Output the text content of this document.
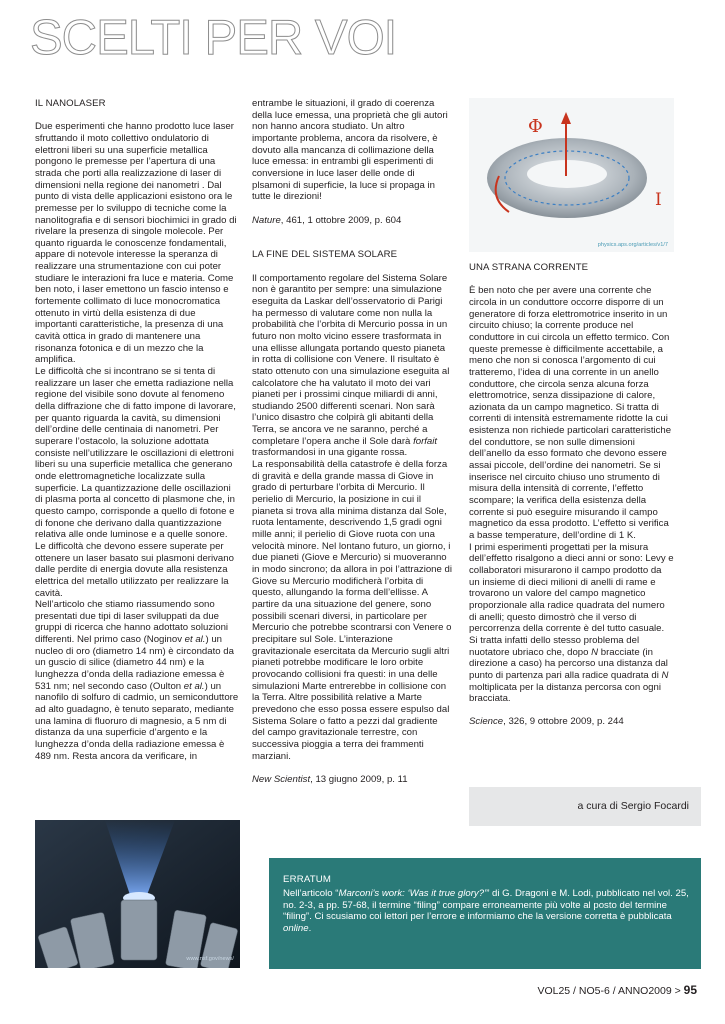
SCELTI PER VOI

IL NANOLASER

Due esperimenti che hanno prodotto luce laser sfruttando il moto collettivo ondulatorio di elettroni liberi su una superficie metallica pongono le premesse per l’apertura di una strada che porti alla realizzazione di laser di dimensioni nella regione dei nanometri . Dal punto di vista delle applicazioni esistono ora le premesse per lo sviluppo di tecniche come la nanolitografia e di sensori biochimici in grado di rivelare la presenza di singole molecole. Per quanto riguarda le conoscenze fondamentali, appare di notevole interesse la speranza di realizzare una strumentazione con cui poter studiare le interazioni fra luce e materia. Come ben noto, i laser emettono un fascio intenso e fortemente collimato di luce monocromatica ottenuto in virtù della esistenza di due importanti caratteristiche, la presenza di una cavità ottica in grado di mantenere una risonanza fotonica e di un mezzo che la amplifica.

Le difficoltà che si incontrano se si tenta di realizzare un laser che emetta radiazione nella regione del visibile sono dovute al fenomeno della diffrazione che di fatto impone di lavorare, per quanto riguarda la cavità, su dimensioni dell’ordine delle centinaia di nanometri. Per superare l’ostacolo, la soluzione adottata consiste nell’utilizzare le oscillazioni di elettroni liberi su una superficie metallica che generano onde elettromagnetiche localizzate sulla superficie. La quantizzazione delle oscillazioni di plasma porta al concetto di plasmone che, in questo campo, corrisponde a quello di fotone e di fonone che derivano dalla quantizzazione relativa alle onde luminose e a quelle sonore. Le difficoltà che devono essere superate per ottenere un laser basato sui plasmoni derivano dalle perdite di energia dovute alla resistenza elettrica del metallo utilizzato per realizzare la cavità.

Nell’articolo che stiamo riassumendo sono presentati due tipi di laser sviluppati da due gruppi di ricerca che hanno adottato soluzioni differenti. Nel primo caso (Noginov et al.) un nucleo di oro (diametro 14 nm) è circondato da un guscio di silice (diametro 44 nm) e la lunghezza d’onda della radiazione emessa è 531 nm; nel secondo caso (Oulton et al.) un nanofilo di solfuro di cadmio, un semiconduttore ad alto guadagno, è tenuto separato, mediante una lamina di fluoruro di magnesio, a 5 nm di distanza da una superficie d’argento e la lunghezza d’onda della radiazione emessa è 489 nm. Resta ancora da verificare, in

entrambe le situazioni, il grado di coerenza della luce emessa, una proprietà che gli autori non hanno ancora studiato. Un altro importante problema, ancora da risolvere, è dovuto alla mancanza di collimazione della luce emessa: in entrambi gli esperimenti di conversione in luce laser delle onde di plsamoni di superficie, la luce si propaga in tutte le direzioni!

Nature, 461, 1 ottobre 2009, p. 604

LA FINE DEL SISTEMA SOLARE

Il comportamento regolare del Sistema Solare non è garantito per sempre: una simulazione eseguita da Laskar dell’osservatorio di Parigi ha permesso di valutare come non nulla la probabilità che l’orbita di Mercurio possa in un futuro non molto vicino essere trasformata in una ellisse allungata portando questo pianeta in rotta di collisione con Venere. Il risultato è stato ottenuto con una simulazione eseguita al calcolatore che ha valutato il moto dei vari pianeti per i prossimi cinque miliardi di anni, studiando 2500 differenti scenari. Non sarà l’unico disastro che colpirà gli abitanti della Terra, se ancora ve ne saranno, perché a completare l’opera anche il Sole darà forfait trasformandosi in una gigante rossa.

La responsabilità della catastrofe è della forza di gravità e della grande massa di Giove in grado di perturbare l’orbita di Mercurio. Il perielio di Mercurio, la posizione in cui il pianeta si trova alla minima distanza dal Sole, ruota lentamente, descrivendo 1,5 gradi ogni mille anni; il perielio di Giove ruota con una velocità minore. Nel lontano futuro, un giorno, i due pianeti (Giove e Mercurio) si muoveranno in modo sincrono; da allora in poi l’attrazione di Giove su Mercurio modificherà l’orbita di questo, allungando la forma dell’ellisse. A partire da una situazione del genere, sono possibili scenari diversi, in particolare per Mercurio che potrebbe scontrarsi con Venere o precipitare sul Sole. L’interazione gravitazionale esercitata da Mercurio sugli altri pianeti potrebbe modificare le loro orbite provocando collisioni fra questi: in una delle simulazioni Marte entrerebbe in collisione con la Terra. Altre possibilità relative a Marte prevedono che esso possa essere espulso dal Sistema Solare o fatto a pezzi dal gradiente del campo gravitazionale terrestre, con successiva pioggia a terra dei frammenti marziani.

New Scientist, 13 giugno 2009, p. 11

Φ
I
physics.aps.org/articles/v1/7

UNA STRANA CORRENTE

È ben noto che per avere una corrente che circola in un conduttore occorre disporre di un generatore di forza elettromotrice inserito in un circuito chiuso; la corrente produce nel conduttore in cui circola un effetto termico. Con queste premesse è difficilmente accettabile, a meno che non si conosca l’argomento di cui tratteremo, l’idea di una corrente in un anello conduttore, che circola senza alcuna forza elettromotrice, senza dissipazione di calore, azionata da un campo magnetico. Si tratta di correnti di intensità estremamente ridotte la cui esistenza non richiede particolari caratteristiche del conduttore, se non sulle dimensioni dell’anello da esso formato che devono essere assai piccole, dell’ordine dei nanometri. Se si inserisce nel circuito chiuso uno strumento di misura della intensità di corrente, l’effetto scompare; la verifica della esistenza della corrente si può eseguire misurando il campo magnetico da essa prodotto. L’effetto si verifica a basse temperature, dell’ordine di 1 K.

I primi esperimenti progettati per la misura dell’effetto risalgono a dieci anni or sono: Levy e collaboratori misurarono il campo prodotto da un insieme di dieci milioni di anelli di rame e trovarono un valore del campo magnetico proporzionale alla radice quadrata del numero di anelli; questo dimostrò che il verso di percorrenza della corrente è del tutto casuale. Si tratta infatti dello stesso problema del nuotatore ubriaco che, dopo N bracciate (in direzione a caso) ha percorso una distanza dal punto di partenza pari alla radice quadrata di N moltiplicata per la distanza percorsa con ogni bracciata.

Science, 326, 9 ottobre 2009, p. 244

a cura di Sergio Focardi
www.nsf.gov/news/
ERRATUM

Nell’articolo “Marconi's work: ‘Was it true glory?’” di G. Dragoni e M. Lodi, pubblicato nel vol. 25, no. 2-3, a pp. 57-68, il termine “filing” compare erroneamente più volte al posto del termine “filing”. Ci scusiamo coi lettori per l’errore e informiamo che la versione corretta è pubblicata online.

VOL25 / NO5-6 / ANNO2009 > 95
